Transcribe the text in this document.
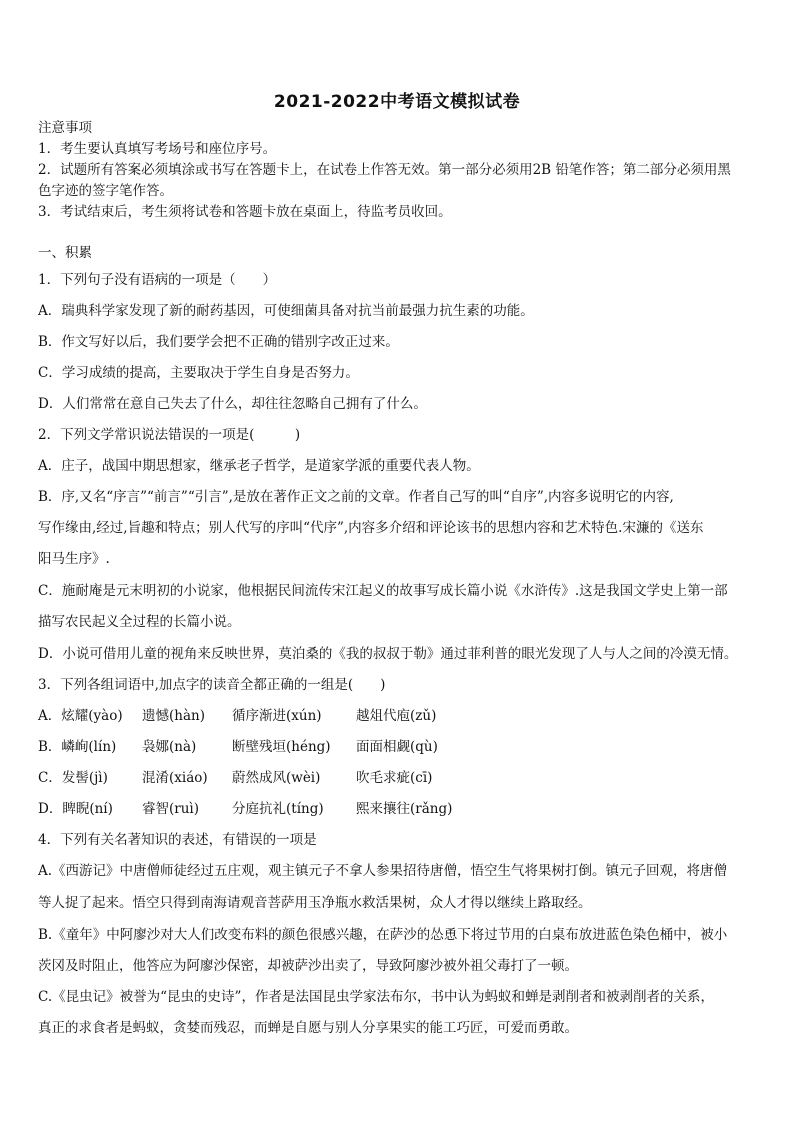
2021-2022中考语文模拟试卷
注意事项
1．考生要认真填写考场号和座位序号。
2．试题所有答案必须填涂或书写在答题卡上，在试卷上作答无效。第一部分必须用2B 铅笔作答；第二部分必须用黑
色字迹的签字笔作答。
3．考试结束后，考生须将试卷和答题卡放在桌面上，待监考员收回。
一、积累
1．下列句子没有语病的一项是（　　）
A．瑞典科学家发现了新的耐药基因，可使细菌具备对抗当前最强力抗生素的功能。
B．作文写好以后，我们要学会把不正确的错别字改正过来。
C．学习成绩的提高，主要取决于学生自身是否努力。
D．人们常常在意自己失去了什么，却往往忽略自己拥有了什么。
2．下列文学常识说法错误的一项是(　　　)
A．庄子，战国中期思想家，继承老子哲学，是道家学派的重要代表人物。
B．序,又名“序言”“前言”“引言”,是放在著作正文之前的文章。作者自己写的叫“自序”,内容多说明它的内容,
写作缘由,经过,旨趣和特点；别人代写的序叫“代序”,内容多介绍和评论该书的思想内容和艺术特色.宋濂的《送东
阳马生序》.
C．施耐庵是元末明初的小说家，他根据民间流传宋江起义的故事写成长篇小说《水浒传》.这是我国文学史上第一部
描写农民起义全过程的长篇小说。
D．小说可借用儿童的视角来反映世界，莫泊桑的《我的叔叔于勒》通过菲利普的眼光发现了人与人之间的冷漠无情。
3．下列各组词语中,加点字的读音全都正确的一组是(　　)
A．炫耀(yào) 遗憾(hàn) 循序渐进(xún)	越俎代庖(zǔ)
B．嶙峋(lín) 袅娜(nà)	断壁残垣(héng) 面面相觑(qù)
C．发髻(jì)	混淆(xiáo) 蔚然成风(wèi)	吹毛求疵(cī)
D．睥睨(ní) 睿智(ruì) 分庭抗礼(tíng) 熙来攘往(rǎng)
4．下列有关名著知识的表述，有错误的一项是
A.《西游记》中唐僧师徒经过五庄观，观主镇元子不拿人参果招待唐僧，悟空生气将果树打倒。镇元子回观，将唐僧
等人捉了起来。悟空只得到南海请观音菩萨用玉净瓶水救活果树，众人才得以继续上路取经。
B.《童年》中阿廖沙对大人们改变布料的颜色很感兴趣，在萨沙的怂恿下将过节用的白桌布放进蓝色染色桶中，被小
茨冈及时阻止，他答应为阿廖沙保密，却被萨沙出卖了，导致阿廖沙被外祖父毒打了一顿。
C.《昆虫记》被誉为“昆虫的史诗”，作者是法国昆虫学家法布尔，书中认为蚂蚁和蝉是剥削者和被剥削者的关系，
真正的求食者是蚂蚁，贪婪而残忍，而蝉是自愿与别人分享果实的能工巧匠，可爱而勇敢。
